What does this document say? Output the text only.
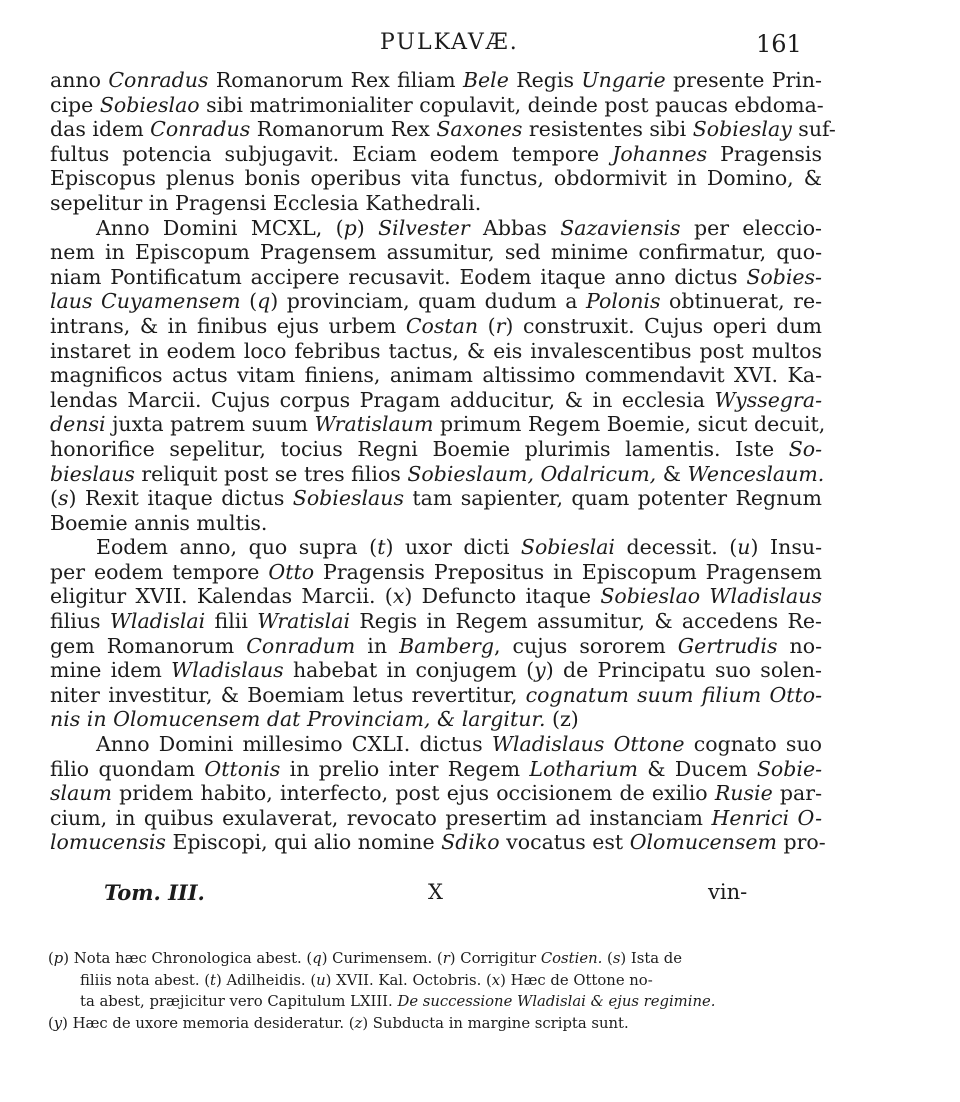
PULKAVÆ.	161
anno Conradus Romanorum Rex filiam Bele Regis Ungarie presente Prin-
cipe Sobieslao sibi matrimonialiter copulavit, deinde post paucas ebdoma-
das idem Conradus Romanorum Rex Saxones resistentes sibi Sobieslay suf-
fultus potencia subjugavit. Eciam eodem tempore Johannes Pragensis
Episcopus plenus bonis operibus vita functus, obdormivit in Domino, &
sepelitur in Pragensi Ecclesia Kathedrali.
Anno Domini MCXL, (p) Silvester Abbas Sazaviensis per eleccio-
nem in Episcopum Pragensem assumitur, sed minime confirmatur, quo-
niam Pontificatum accipere recusavit. Eodem itaque anno dictus Sobies-
laus Cuyamensem (q) provinciam, quam dudum a Polonis obtinuerat, re-
intrans, & in finibus ejus urbem Costan (r) construxit. Cujus operi dum
instaret in eodem loco febribus tactus, & eis invalescentibus post multos
magnificos actus vitam finiens, animam altissimo commendavit XVI. Ka-
lendas Marcii. Cujus corpus Pragam adducitur, & in ecclesia Wyssegra-
densi juxta patrem suum Wratislaum primum Regem Boemie, sicut decuit,
honorifice sepelitur, tocius Regni Boemie plurimis lamentis. Iste So-
bieslaus reliquit post se tres filios Sobieslaum, Odalricum, & Wenceslaum.
(s) Rexit itaque dictus Sobieslaus tam sapienter, quam potenter Regnum
Boemie annis multis.
Eodem anno, quo supra (t) uxor dicti Sobieslai decessit. (u) Insu-
per eodem tempore Otto Pragensis Prepositus in Episcopum Pragensem
eligitur XVII. Kalendas Marcii. (x) Defuncto itaque Sobieslao Wladislaus
filius Wladislai filii Wratislai Regis in Regem assumitur, & accedens Re-
gem Romanorum Conradum in Bamberg, cujus sororem Gertrudis no-
mine idem Wladislaus habebat in conjugem (y) de Principatu suo solen-
niter investitur, & Boemiam letus revertitur, cognatum suum filium Otto-
nis in Olomucensem dat Provinciam, & largitur. (z)
Anno Domini millesimo CXLI. dictus Wladislaus Ottone cognato suo
filio quondam Ottonis in prelio inter Regem Lotharium & Ducem Sobie-
slaum pridem habito, interfecto, post ejus occisionem de exilio Rusie par-
cium, in quibus exulaverat, revocato presertim ad instanciam Henrici O-
lomucensis Episcopi, qui alio nomine Sdiko vocatus est Olomucensem pro-
Tom. III.	X	vin-
(p) Nota hæc Chronologica abest. (q) Curimensem. (r) Corrigitur Costien. (s) Ista de
filiis nota abest. (t) Adilheidis. (u) XVII. Kal. Octobris. (x) Hæc de Ottone no-
ta abest, præjicitur vero Capitulum LXIII. De successione Wladislai & ejus regimine.
(y) Hæc de uxore memoria desideratur. (z) Subducta in margine scripta sunt.
